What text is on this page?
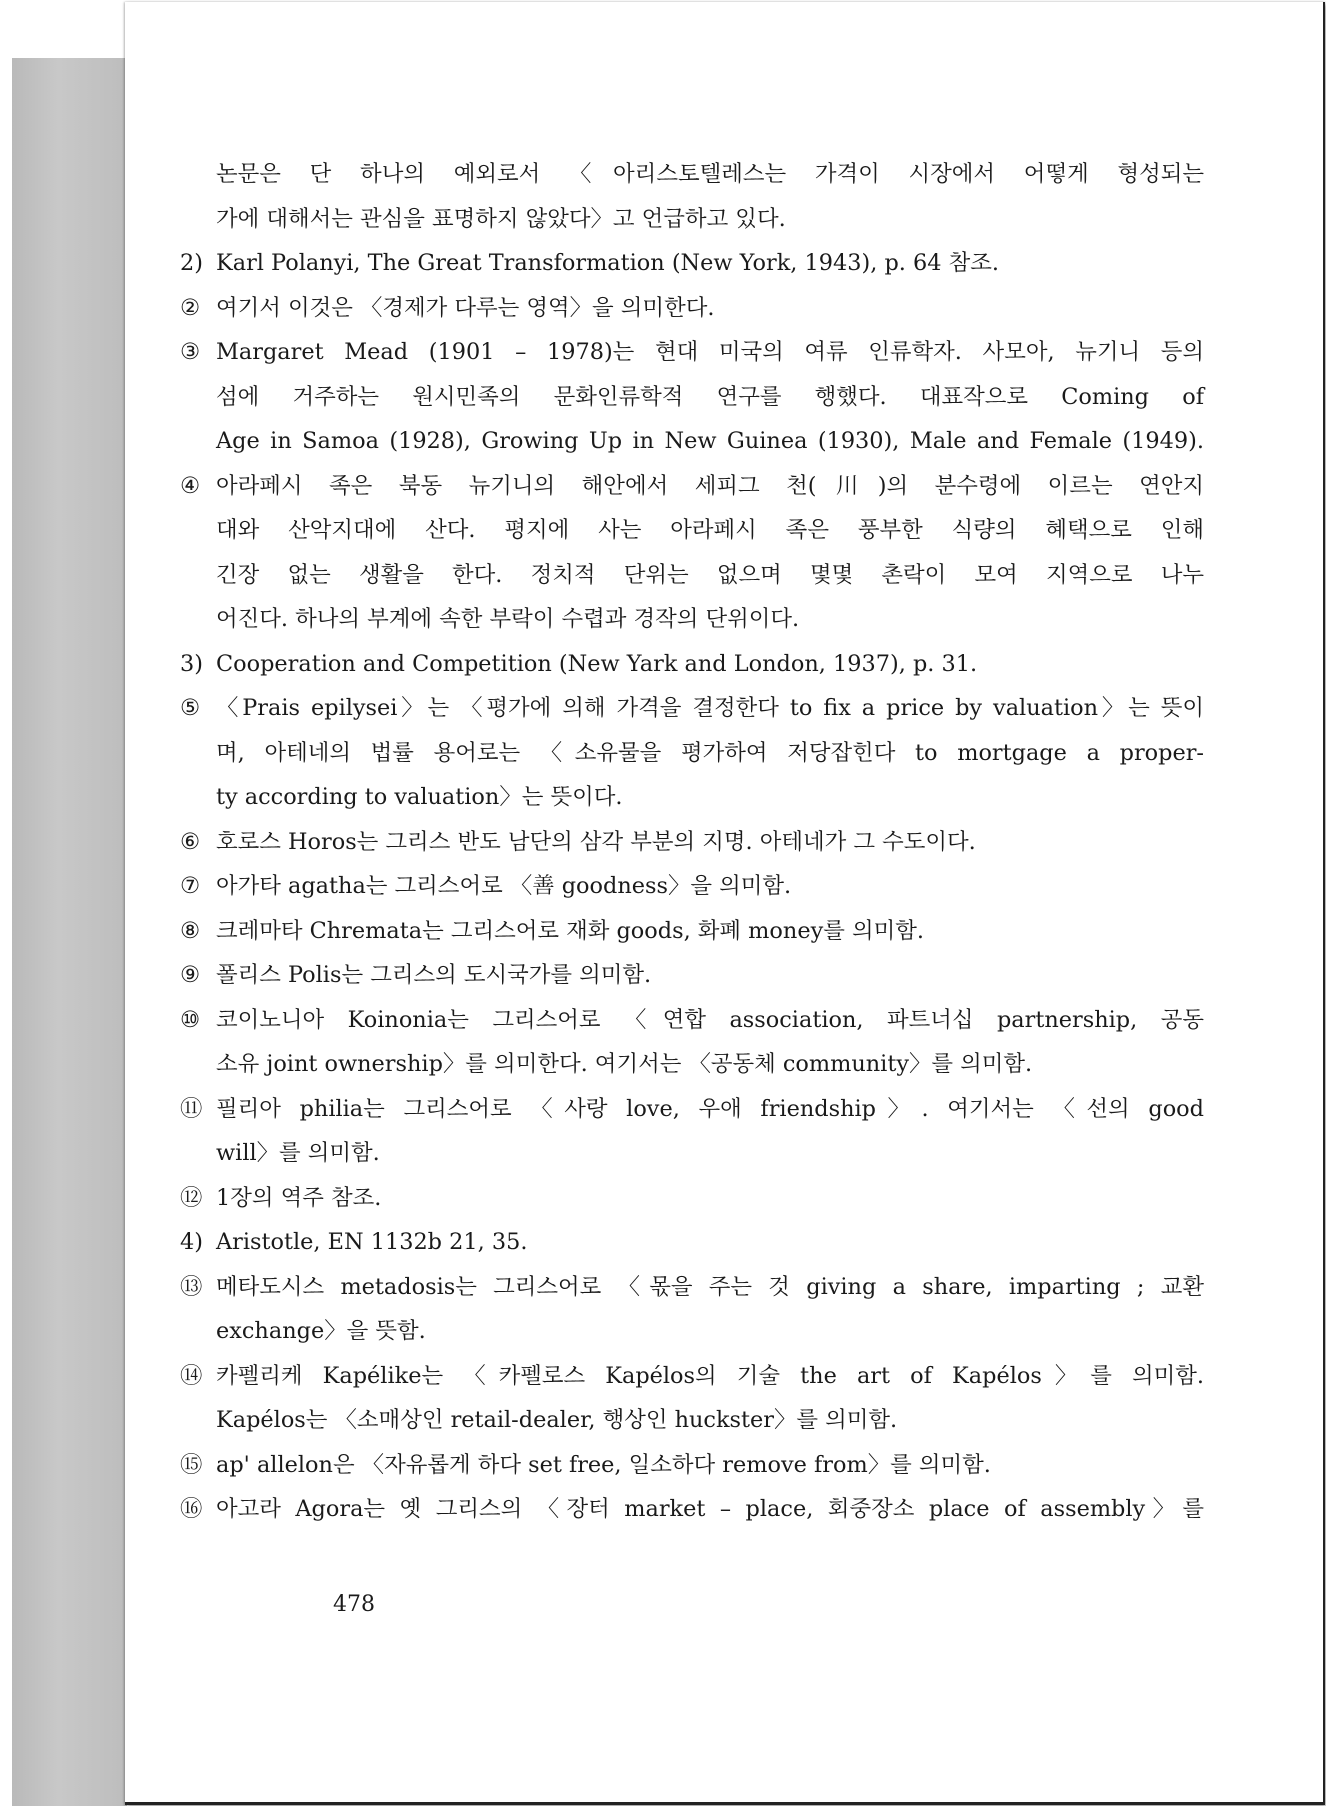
논문은 단 하나의 예외로서 〈아리스토텔레스는 가격이 시장에서 어떻게 형성되는
가에 대해서는 관심을 표명하지 않았다〉고 언급하고 있다.
2) Karl Polanyi, The Great Transformation (New York, 1943), p. 64 참조.
② 여기서 이것은 〈경제가 다루는 영역〉을 의미한다.
③ Margaret Mead (1901 – 1978)는 현대 미국의 여류 인류학자. 사모아, 뉴기니 등의
섬에 거주하는 원시민족의 문화인류학적 연구를 행했다. 대표작으로 Coming of
Age in Samoa (1928), Growing Up in New Guinea (1930), Male and Female (1949).
④ 아라페시 족은 북동 뉴기니의 해안에서 세피그 천(川)의 분수령에 이르는 연안지
대와 산악지대에 산다. 평지에 사는 아라페시 족은 풍부한 식량의 혜택으로 인해
긴장 없는 생활을 한다. 정치적 단위는 없으며 몇몇 촌락이 모여 지역으로 나누
어진다. 하나의 부계에 속한 부락이 수렵과 경작의 단위이다.
3) Cooperation and Competition (New Yark and London, 1937), p. 31.
⑤ 〈Prais epilysei〉는 〈평가에 의해 가격을 결정한다 to fix a price by valuation〉는 뜻이
며, 아테네의 법률 용어로는 〈소유물을 평가하여 저당잡힌다 to mortgage a proper-
ty according to valuation〉는 뜻이다.
⑥ 호로스 Horos는 그리스 반도 남단의 삼각 부분의 지명. 아테네가 그 수도이다.
⑦ 아가타 agatha는 그리스어로 〈善 goodness〉을 의미함.
⑧ 크레마타 Chremata는 그리스어로 재화 goods, 화폐 money를 의미함.
⑨ 폴리스 Polis는 그리스의 도시국가를 의미함.
⑩ 코이노니아 Koinonia는 그리스어로 〈연합 association, 파트너십 partnership, 공동
소유 joint ownership〉를 의미한다. 여기서는 〈공동체 community〉를 의미함.
⑪ 필리아 philia는 그리스어로 〈사랑 love, 우애 friendship〉. 여기서는 〈선의 good
will〉를 의미함.
⑫ 1장의 역주 참조.
4) Aristotle, EN 1132b 21, 35.
⑬ 메타도시스 metadosis는 그리스어로 〈몫을 주는 것 giving a share, imparting ; 교환
exchange〉을 뜻함.
⑭ 카펠리케 Kapélike는 〈카펠로스 Kapélos의 기술 the art of Kapélos〉를 의미함.
Kapélos는 〈소매상인 retail-dealer, 행상인 huckster〉를 의미함.
⑮ ap' allelon은 〈자유롭게 하다 set free, 일소하다 remove from〉를 의미함.
⑯ 아고라 Agora는 옛 그리스의 〈장터 market – place, 회중장소 place of assembly〉를
478
